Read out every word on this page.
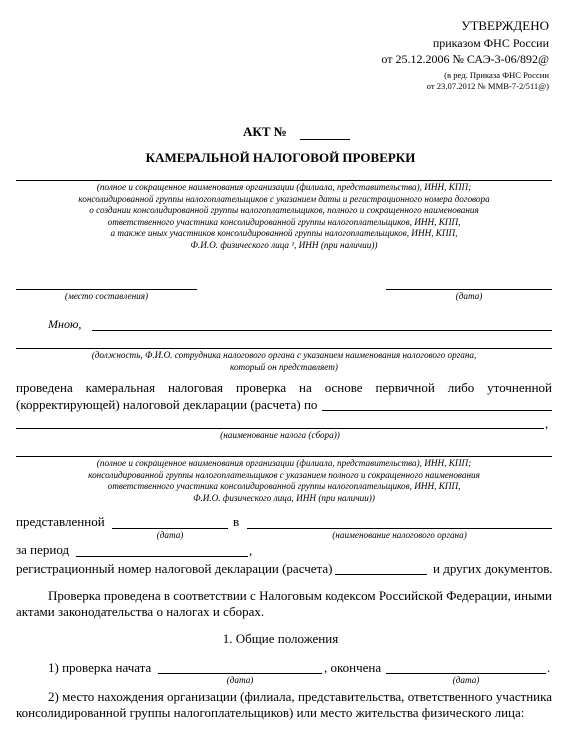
УТВЕРЖДЕНО
приказом ФНС России
от 25.12.2006 № САЭ-3-06/892@
(в ред. Приказа ФНС России
от 23.07.2012 № ММВ-7-2/511@)
АКТ №
КАМЕРАЛЬНОЙ НАЛОГОВОЙ ПРОВЕРКИ
(полное и сокращенное наименования организации (филиала, представительства), ИНН, КПП;
консолидированной группы налогоплательщиков с указанием даты и регистрационного номера договора
о создании консолидированной группы налогоплательщиков, полного и сокращенного наименования
ответственного участника консолидированной группы налогоплательщиков, ИНН, КПП,
а также иных участников консолидированной группы налогоплательщиков, ИНН, КПП,
Ф.И.О. физического лица ¹, ИНН (при наличии))
(место составления)	(дата)
Мною,
(должность, Ф.И.О. сотрудника налогового органа с указанием наименования налогового органа,
который он представляет)
проведена камеральная налоговая проверка на основе первичной либо уточненной
(корректирующей) налоговой декларации (расчета) по
,
(наименование налога (сбора))
(полное и сокращенное наименования организации (филиала, представительства), ИНН, КПП;
консолидированной группы налогоплательщиков с указанием полного и сокращенного наименования
ответственного участника консолидированной группы налогоплательщиков, ИНН, КПП,
Ф.И.О. физического лица, ИНН (при наличии))
представленной	в
(дата)	(наименование налогового органа)
за период	,
регистрационный номер налоговой декларации (расчета)	и других документов.
Проверка проведена в соответствии с Налоговым кодексом Российской Федерации, иными
актами законодательства о налогах и сборах.
1. Общие положения
1) проверка начата	, окончена	.
(дата)	(дата)
2) место нахождения организации (филиала, представительства, ответственного участника
консолидированной группы налогоплательщиков) или место жительства физического лица:
